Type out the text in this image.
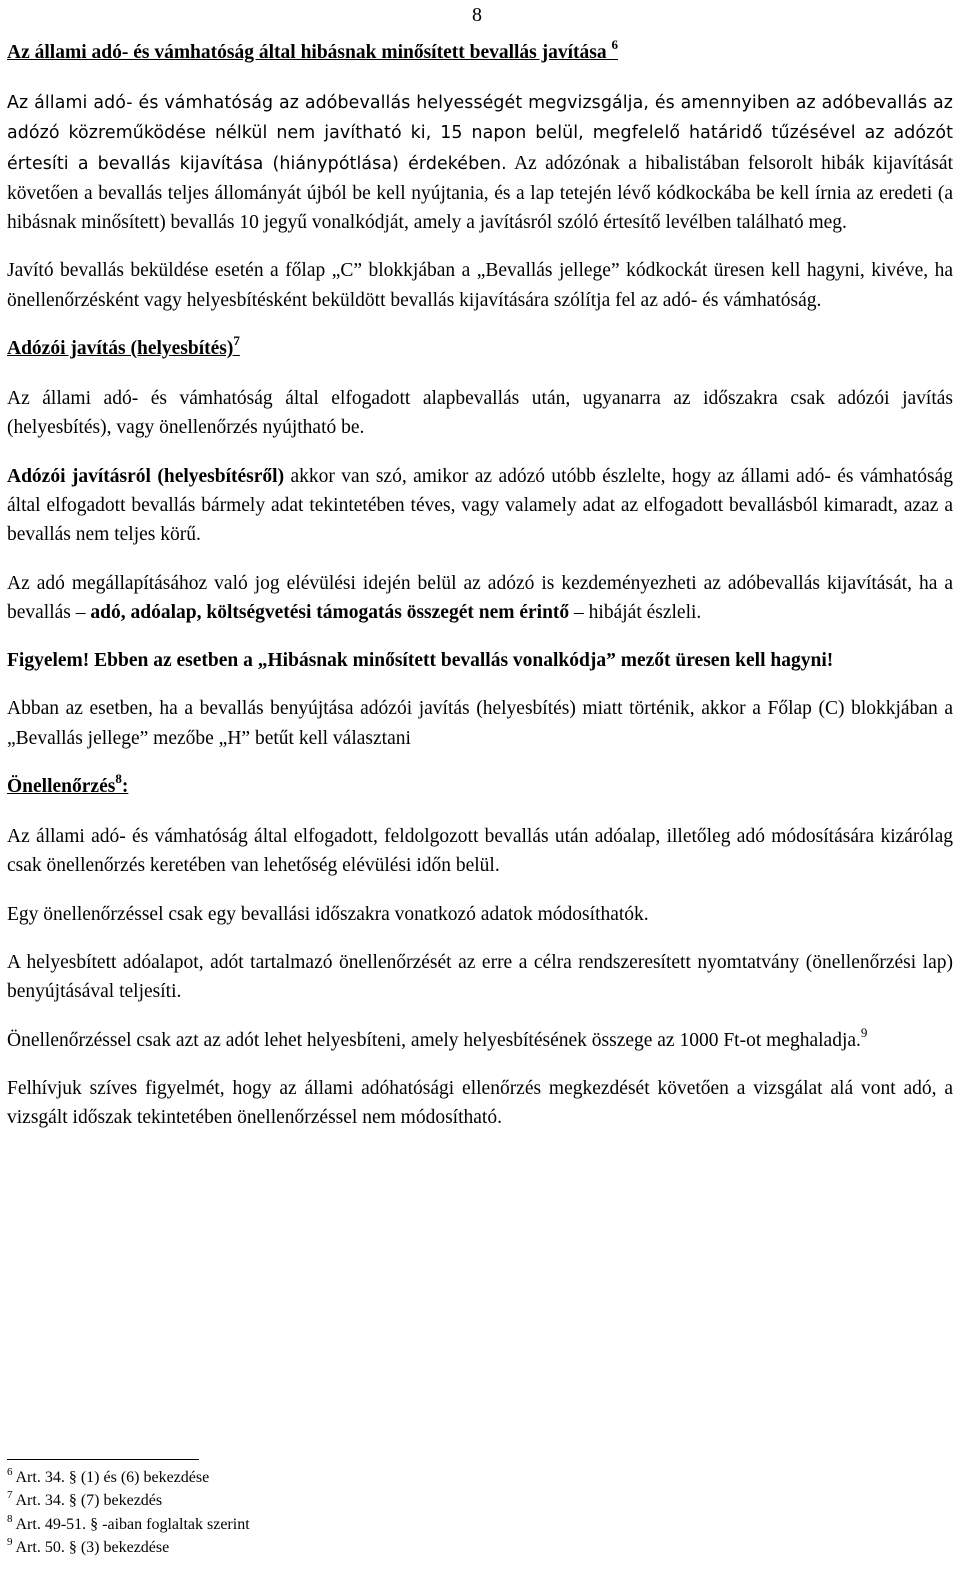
8
Az állami adó- és vámhatóság által hibásnak minősített bevallás javítása $^6$

Az állami adó- és vámhatóság az adóbevallás helyességét megvizsgálja, és amennyiben az adóbevallás az adózó közreműködése nélkül nem javítható ki, 15 napon belül, megfelelő határidő tűzésével az adózót értesíti a bevallás kijavítása (hiánypótlása) érdekében. Az adózónak a hibalistában felsorolt hibák kijavítását követően a bevallás teljes állományát újból be kell nyújtania, és a lap tetején lévő kódkockába be kell írnia az eredeti (a hibásnak minősített) bevallás 10 jegyű vonalkódját, amely a javításról szóló értesítő levélben található meg.

Javító bevallás beküldése esetén a főlap „C” blokkjában a „Bevallás jellege” kódkockát üresen kell hagyni, kivéve, ha önellenőrzésként vagy helyesbítésként beküldött bevallás kijavítására szólítja fel az adó- és vámhatóság.

Adózói javítás (helyesbítés)$^7$

Az állami adó- és vámhatóság által elfogadott alapbevallás után, ugyanarra az időszakra csak adózói javítás (helyesbítés), vagy önellenőrzés nyújtható be.

Adózói javításról (helyesbítésről) akkor van szó, amikor az adózó utóbb észlelte, hogy az állami adó- és vámhatóság által elfogadott bevallás bármely adat tekintetében téves, vagy valamely adat az elfogadott bevallásból kimaradt, azaz a bevallás nem teljes körű.

Az adó megállapításához való jog elévülési idején belül az adózó is kezdeményezheti az adóbevallás kijavítását, ha a bevallás – adó, adóalap, költségvetési támogatás összegét nem érintő – hibáját észleli.

Figyelem! Ebben az esetben a „Hibásnak minősített bevallás vonalkódja” mezőt üresen kell hagyni!

Abban az esetben, ha a bevallás benyújtása adózói javítás (helyesbítés) miatt történik, akkor a Főlap (C) blokkjában a „Bevallás jellege” mezőbe „H” betűt kell választani

Önellenőrzés$^8$:

Az állami adó- és vámhatóság által elfogadott, feldolgozott bevallás után adóalap, illetőleg adó módosítására kizárólag csak önellenőrzés keretében van lehetőség elévülési időn belül.

Egy önellenőrzéssel csak egy bevallási időszakra vonatkozó adatok módosíthatók.

A helyesbített adóalapot, adót tartalmazó önellenőrzését az erre a célra rendszeresített nyomtatvány (önellenőrzési lap) benyújtásával teljesíti.

Önellenőrzéssel csak azt az adót lehet helyesbíteni, amely helyesbítésének összege az 1000 Ft-ot meghaladja.$^9$

Felhívjuk szíves figyelmét, hogy az állami adóhatósági ellenőrzés megkezdését követően a vizsgálat alá vont adó, a vizsgált időszak tekintetében önellenőrzéssel nem módosítható.

$^6$ Art. 34. § (1) és (6) bekezdése

$^7$ Art. 34. § (7) bekezdés

$^8$ Art. 49-51. § -aiban foglaltak szerint

$^9$ Art. 50. § (3) bekezdése
